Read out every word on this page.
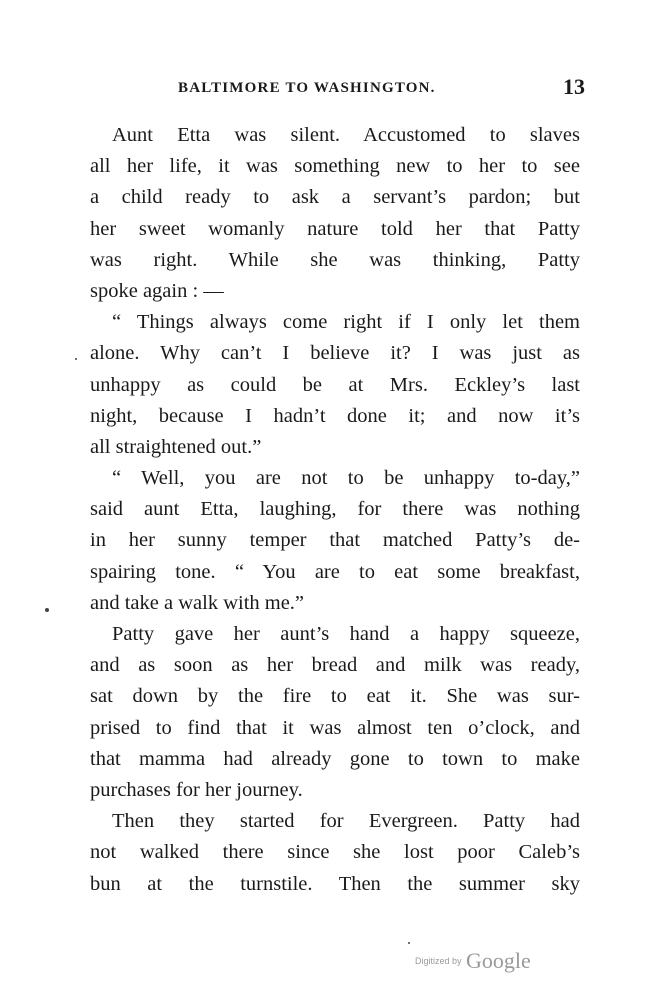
BALTIMORE TO WASHINGTON.	13
Aunt Etta was silent. Accustomed to slaves
all her life, it was something new to her to see
a child ready to ask a servant’s pardon; but
her sweet womanly nature told her that Patty
was right. While she was thinking, Patty
spoke again : —
“ Things always come right if I only let them
alone. Why can’t I believe it? I was just as
unhappy as could be at Mrs. Eckley’s last
night, because I hadn’t done it; and now it’s
all straightened out.”
“ Well, you are not to be unhappy to-day,”
said aunt Etta, laughing, for there was nothing
in her sunny temper that matched Patty’s de-
spairing tone. “ You are to eat some breakfast,
and take a walk with me.”
Patty gave her aunt’s hand a happy squeeze,
and as soon as her bread and milk was ready,
sat down by the fire to eat it. She was sur-
prised to find that it was almost ten o’clock, and
that mamma had already gone to town to make
purchases for her journey.
Then they started for Evergreen. Patty had
not walked there since she lost poor Caleb’s
bun at the turnstile. Then the summer sky
Digitized by Google
